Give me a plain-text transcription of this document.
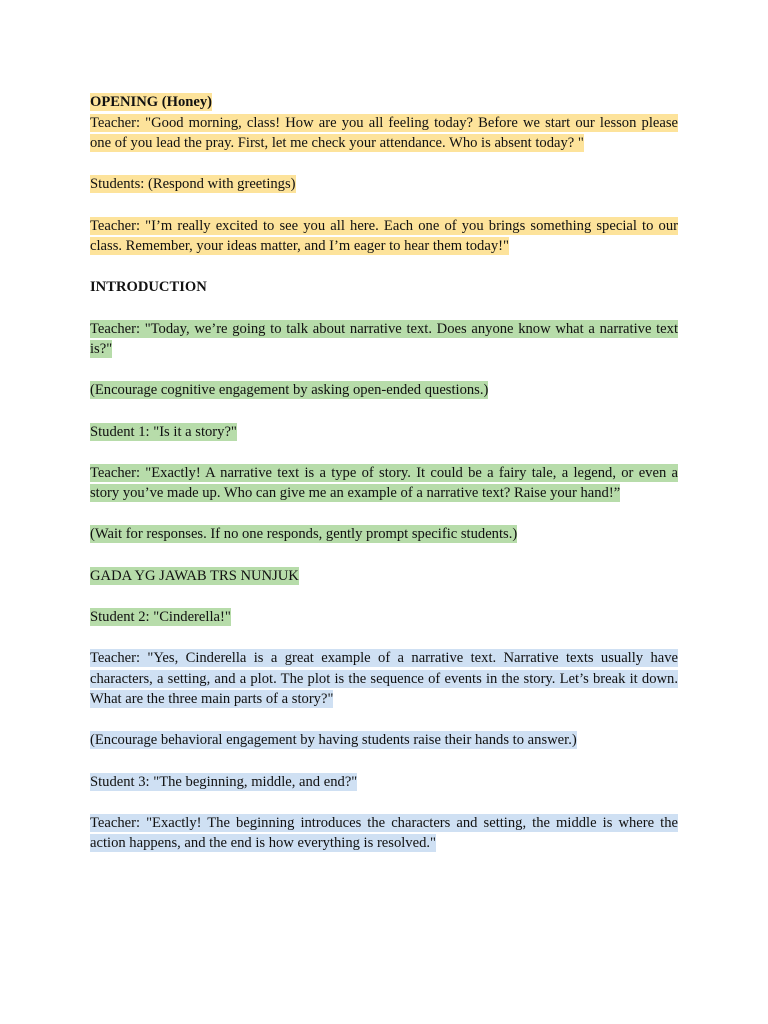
OPENING (Honey)

Teacher: "Good morning, class! How are you all feeling today? Before we start our lesson please one of you lead the pray. First, let me check your attendance. Who is absent today? "

Students: (Respond with greetings)

Teacher: "I’m really excited to see you all here. Each one of you brings something special to our class. Remember, your ideas matter, and I’m eager to hear them today!"

INTRODUCTION

Teacher: "Today, we’re going to talk about narrative text. Does anyone know what a narrative text is?"

(Encourage cognitive engagement by asking open-ended questions.)

Student 1: "Is it a story?"

Teacher: "Exactly! A narrative text is a type of story. It could be a fairy tale, a legend, or even a story you’ve made up. Who can give me an example of a narrative text? Raise your hand!”

(Wait for responses. If no one responds, gently prompt specific students.)

GADA YG JAWAB TRS NUNJUK

Student 2: "Cinderella!"

Teacher: "Yes, Cinderella is a great example of a narrative text. Narrative texts usually have characters, a setting, and a plot. The plot is the sequence of events in the story. Let’s break it down. What are the three main parts of a story?"

(Encourage behavioral engagement by having students raise their hands to answer.)

Student 3: "The beginning, middle, and end?"

Teacher: "Exactly! The beginning introduces the characters and setting, the middle is where the action happens, and the end is how everything is resolved."
